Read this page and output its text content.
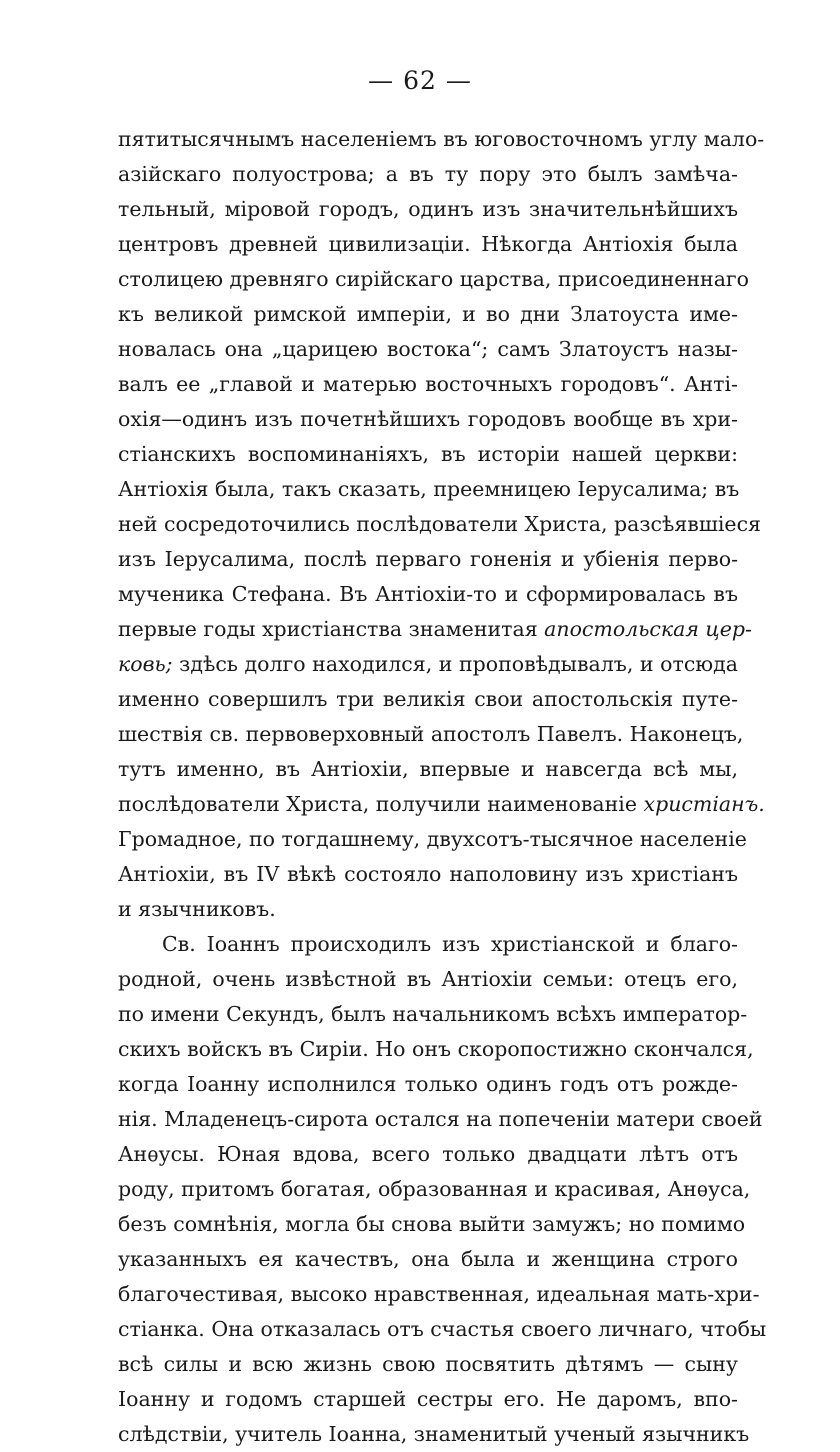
— 62 —
пятитысячнымъ населеніемъ въ юговосточномъ углу мало-
азійскаго полуострова; а въ ту пору это былъ замѣча-
тельный, міровой городъ, одинъ изъ значительнѣйшихъ
центровъ древней цивилизаціи. Нѣкогда Антіохія была
столицею древняго сирійскаго царства, присоединеннаго
къ великой римской имперіи, и во дни Златоуста име-
новалась она „царицею востока“; самъ Златоустъ назы-
валъ ее „главой и матерью восточныхъ городовъ“. Анті-
охія—одинъ изъ почетнѣйшихъ городовъ вообще въ хри-
стіанскихъ воспоминаніяхъ, въ исторіи нашей церкви:
Антіохія была, такъ сказать, преемницею Іерусалима; въ
ней сосредоточились послѣдователи Христа, разсѣявшіеся
изъ Іерусалима, послѣ перваго гоненія и убіенія перво-
мученика Стефана. Въ Антіохіи-то и сформировалась въ
первые годы христіанства знаменитая апостольская цер-
ковь; здѣсь долго находился, и проповѣдывалъ, и отсюда
именно совершилъ три великія свои апостольскія путе-
шествія св. первоверховный апостолъ Павелъ. Наконецъ,
тутъ именно, въ Антіохіи, впервые и навсегда всѣ мы,
послѣдователи Христа, получили наименованіе христіанъ.
Громадное, по тогдашнему, двухсотъ-тысячное населеніе
Антіохіи, въ IV вѣкѣ состояло наполовину изъ христіанъ
и язычниковъ.
Св. Іоаннъ происходилъ изъ христіанской и благо-
родной, очень извѣстной въ Антіохіи семьи: отецъ его,
по имени Секундъ, былъ начальникомъ всѣхъ император-
скихъ войскъ въ Сиріи. Но онъ скоропостижно скончался,
когда Іоанну исполнился только одинъ годъ отъ рожде-
нія. Младенецъ-сирота остался на попеченіи матери своей
Анѳусы. Юная вдова, всего только двадцати лѣтъ отъ
роду, притомъ богатая, образованная и красивая, Анѳуса,
безъ сомнѣнія, могла бы снова выйти замужъ; но помимо
указанныхъ ея качествъ, она была и женщина строго
благочестивая, высоко нравственная, идеальная мать-хри-
стіанка. Она отказалась отъ счастья своего личнаго, чтобы
всѣ силы и всю жизнь свою посвятить дѣтямъ — сыну
Іоанну и годомъ старшей сестры его. Не даромъ, впо-
слѣдствіи, учитель Іоанна, знаменитый ученый язычникъ
